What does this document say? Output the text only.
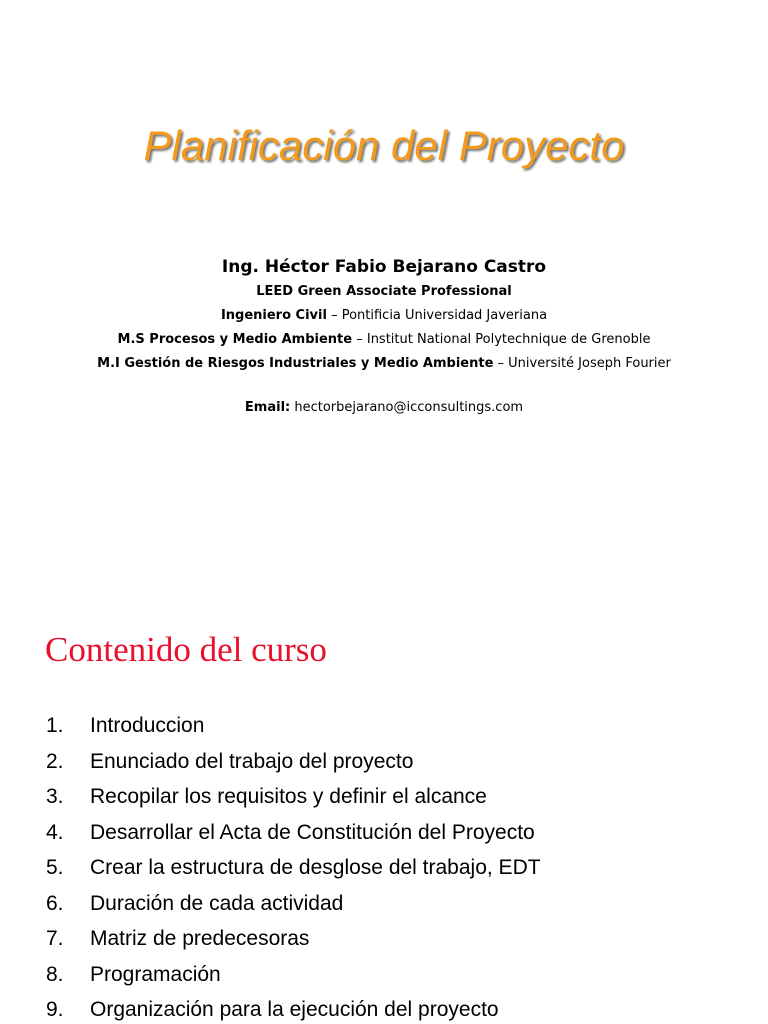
Planificación del Proyecto
Ing. Héctor Fabio Bejarano Castro
LEED Green Associate Professional
Ingeniero Civil – Pontificia Universidad Javeriana
M.S Procesos y Medio Ambiente – Institut National Polytechnique de Grenoble
M.I Gestión de Riesgos Industriales y Medio Ambiente – Université Joseph Fourier
Email: hectorbejarano@icconsultings.com
Contenido del curso
1.	Introduccion
2.	Enunciado del trabajo del proyecto
3.	Recopilar los requisitos y definir el alcance
4.	Desarrollar el Acta de Constitución del Proyecto
5.	Crear la estructura de desglose del trabajo, EDT
6.	Duración de cada actividad
7.	Matriz de predecesoras
8.	Programación
9.	Organización para la ejecución del proyecto
